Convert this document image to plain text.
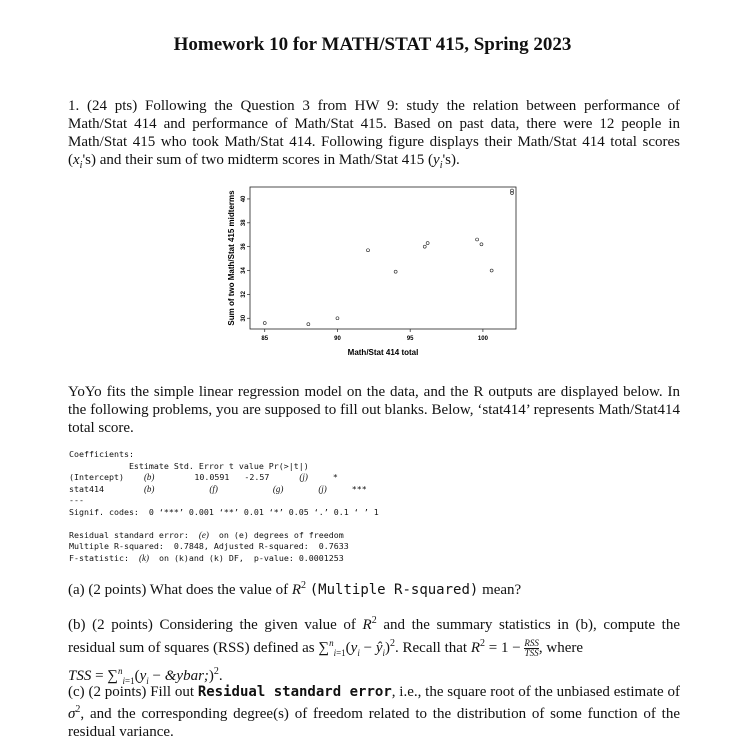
Homework 10 for MATH/STAT 415, Spring 2023
1. (24 pts) Following the Question 3 from HW 9: study the relation between performance of Math/Stat 414 and performance of Math/Stat 415. Based on past data, there were 12 people in Math/Stat 415 who took Math/Stat 414. Following figure displays their Math/Stat 414 total scores $(x_i's)$ and their sum of two midterm scores in Math/Stat 415 $(y_i's)$.
85	90	95	100
30
32
34
36
38
40
Math/Stat 414 total
Sum of two Math/Stat 415 midterms
YoYo fits the simple linear regression model on the data, and the R outputs are displayed below. In the following problems, you are supposed to fill out blanks. Below, ‘stat414’ represents Math/Stat414 total score.
Coefficients:
Estimate Std. Error t value Pr(>|t|)
(Intercept) (b)	10.0591 -2.57	(j)	*
stat414	(b)	(f)	(g)	(j)	***
---
Signif. codes:  0 ‘***’ 0.001 ‘**’ 0.01 ‘*’ 0.05 ‘.’ 0.1 ‘ ’ 1

Residual standard error: (e) on (e) degrees of freedom
Multiple R-squared:  0.7848, Adjusted R-squared:  0.7633
F-statistic: (k) on (k)and (k) DF,  p-value: 0.0001253
(a) (2 points) What does the value of $R^2$ (Multiple R-squared) mean?
(b) (2 points) Considering the given value of $R^2$ and the summary statistics in (b), compute the residual sum of squares (RSS) defined as $\sum^n_{i=1}(y_i$ − $ŷ_i)^2$. Recall that $R^2 = 1$ − RSS
TSS , where
TSS = $\sum^n_{i=1}(y_i$ − &ybar;)$^2$.
(c) (2 points) Fill out Residual standard error, i.e., the square root of the unbiased estimate of $\sigma^2$, and the corresponding degree(s) of freedom related to the distribution of some function of the residual variance.
